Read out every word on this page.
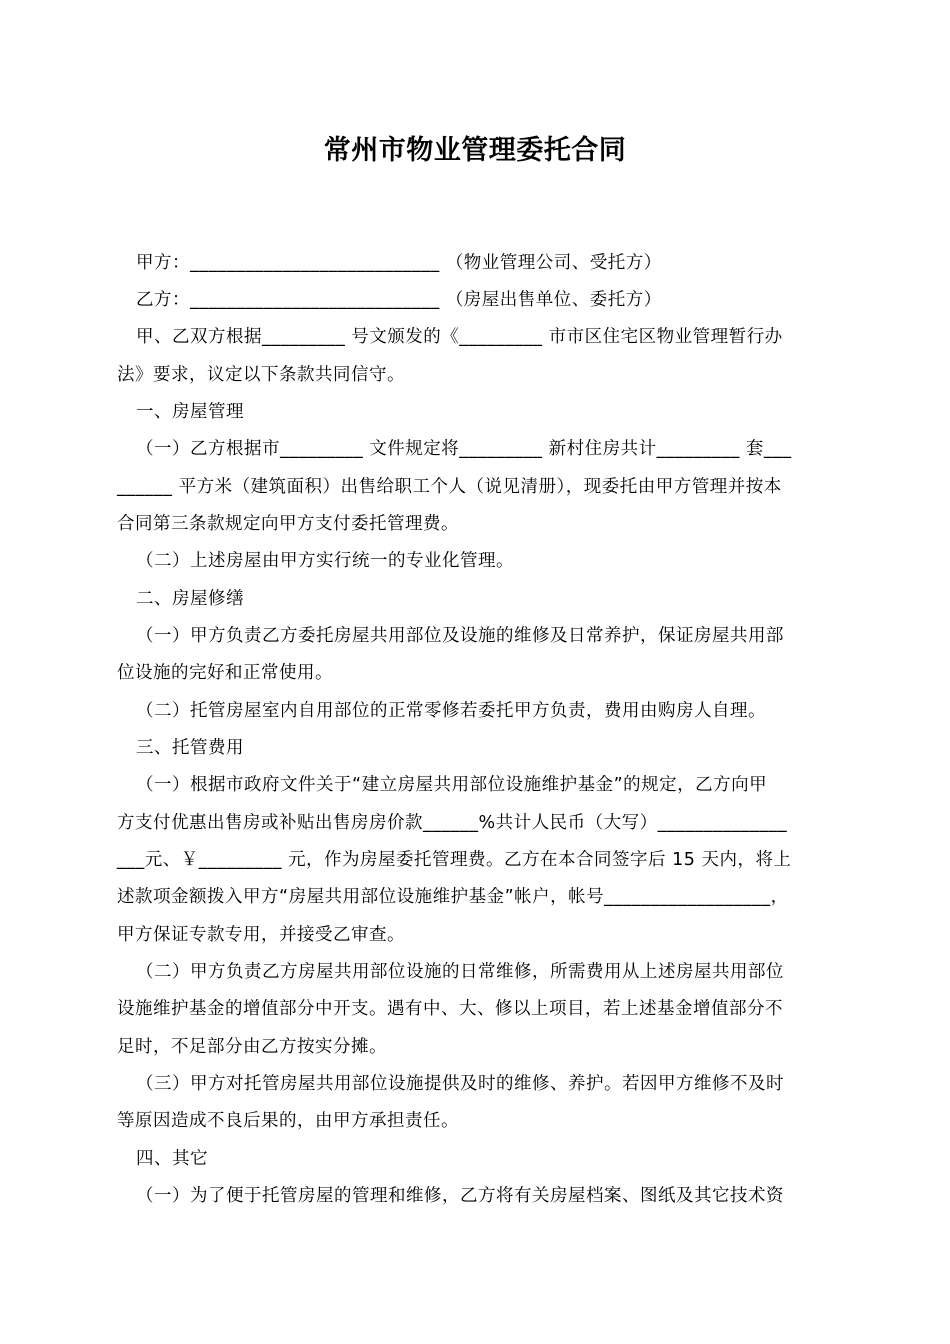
常州市物业管理委托合同
甲方：___________________________ （物业管理公司、受托方）
乙方：___________________________ （房屋出售单位、委托方）
甲、乙双方根据_________ 号文颁发的《_________ 市市区住宅区物业管理暂行办
法》要求，议定以下条款共同信守。
一、房屋管理
（一）乙方根据市_________ 文件规定将_________ 新村住房共计_________ 套___
______ 平方米（建筑面积）出售给职工个人（说见清册），现委托由甲方管理并按本
合同第三条款规定向甲方支付委托管理费。
（二）上述房屋由甲方实行统一的专业化管理。
二、房屋修缮
（一）甲方负责乙方委托房屋共用部位及设施的维修及日常养护，保证房屋共用部
位设施的完好和正常使用。
（二）托管房屋室内自用部位的正常零修若委托甲方负责，费用由购房人自理。
三、托管费用
（一）根据市政府文件关于“建立房屋共用部位设施维护基金”的规定，乙方向甲
方支付优惠出售房或补贴出售房房价款______%共计人民币（大写）______________
___元、￥_________ 元，作为房屋委托管理费。乙方在本合同签字后 15 天内，将上
述款项金额拨入甲方“房屋共用部位设施维护基金”帐户，帐号__________________，
甲方保证专款专用，并接受乙审查。
（二）甲方负责乙方房屋共用部位设施的日常维修，所需费用从上述房屋共用部位
设施维护基金的增值部分中开支。遇有中、大、修以上项目，若上述基金增值部分不
足时，不足部分由乙方按实分摊。
（三）甲方对托管房屋共用部位设施提供及时的维修、养护。若因甲方维修不及时
等原因造成不良后果的，由甲方承担责任。
四、其它
（一）为了便于托管房屋的管理和维修，乙方将有关房屋档案、图纸及其它技术资
